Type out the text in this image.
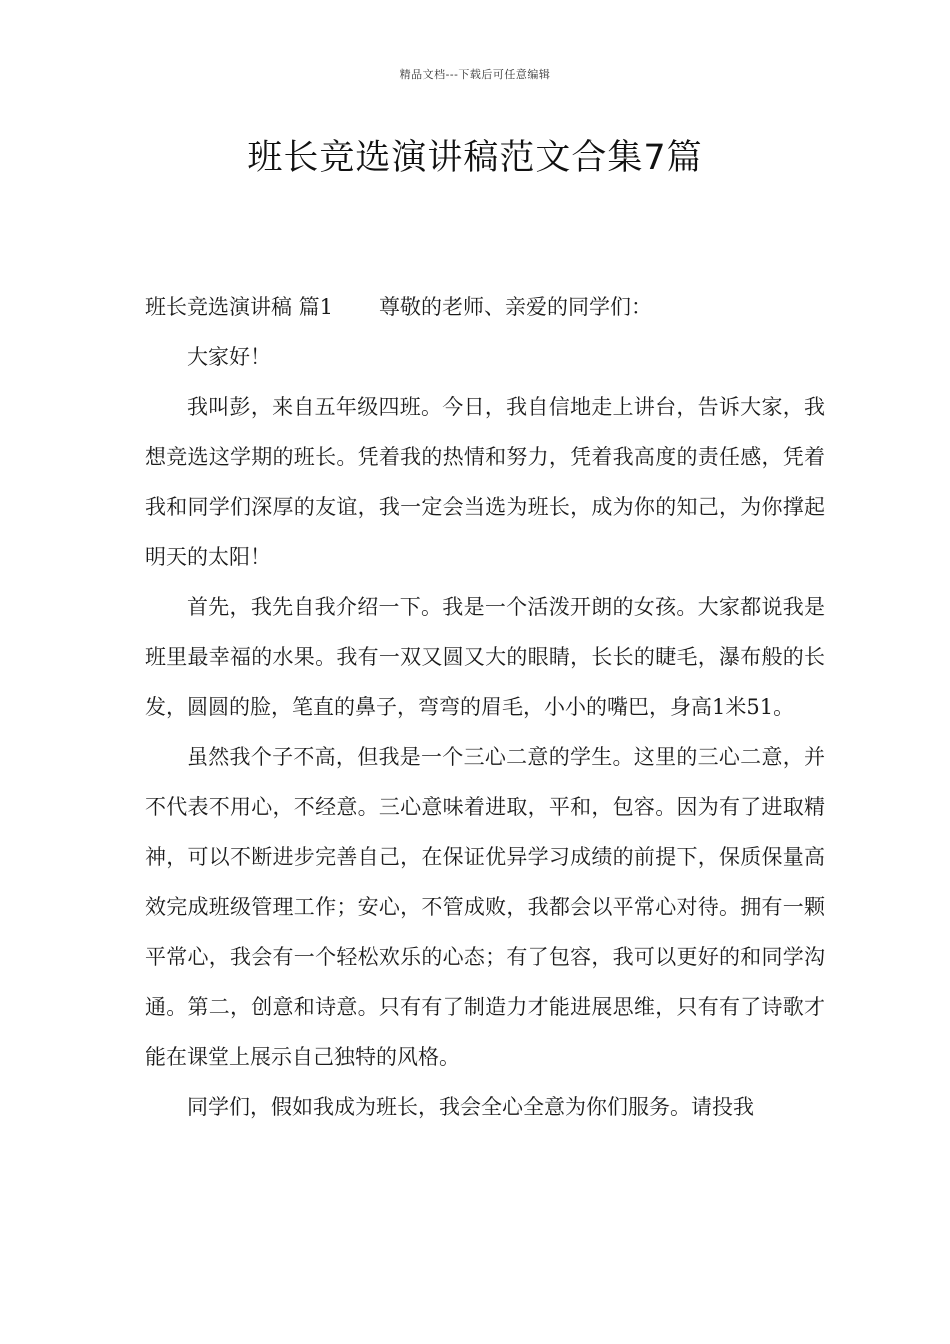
精品文档---下载后可任意编辑
班长竞选演讲稿范文合集7篇

班长竞选演讲稿 篇1 尊敬的老师、亲爱的同学们：

大家好！

我叫彭，来自五年级四班。今日，我自信地走上讲台，告诉大家，我想竞选这学期的班长。凭着我的热情和努力，凭着我高度的责任感，凭着我和同学们深厚的友谊，我一定会当选为班长，成为你的知己，为你撑起明天的太阳！

首先，我先自我介绍一下。我是一个活泼开朗的女孩。大家都说我是班里最幸福的水果。我有一双又圆又大的眼睛，长长的睫毛，瀑布般的长发，圆圆的脸，笔直的鼻子，弯弯的眉毛，小小的嘴巴，身高1米51。

虽然我个子不高，但我是一个三心二意的学生。这里的三心二意，并不代表不用心，不经意。三心意味着进取，平和，包容。因为有了进取精神，可以不断进步完善自己，在保证优异学习成绩的前提下，保质保量高效完成班级管理工作；安心，不管成败，我都会以平常心对待。拥有一颗平常心，我会有一个轻松欢乐的心态；有了包容，我可以更好的和同学沟通。第二，创意和诗意。只有有了制造力才能进展思维，只有有了诗歌才能在课堂上展示自己独特的风格。

同学们，假如我成为班长，我会全心全意为你们服务。请投我
